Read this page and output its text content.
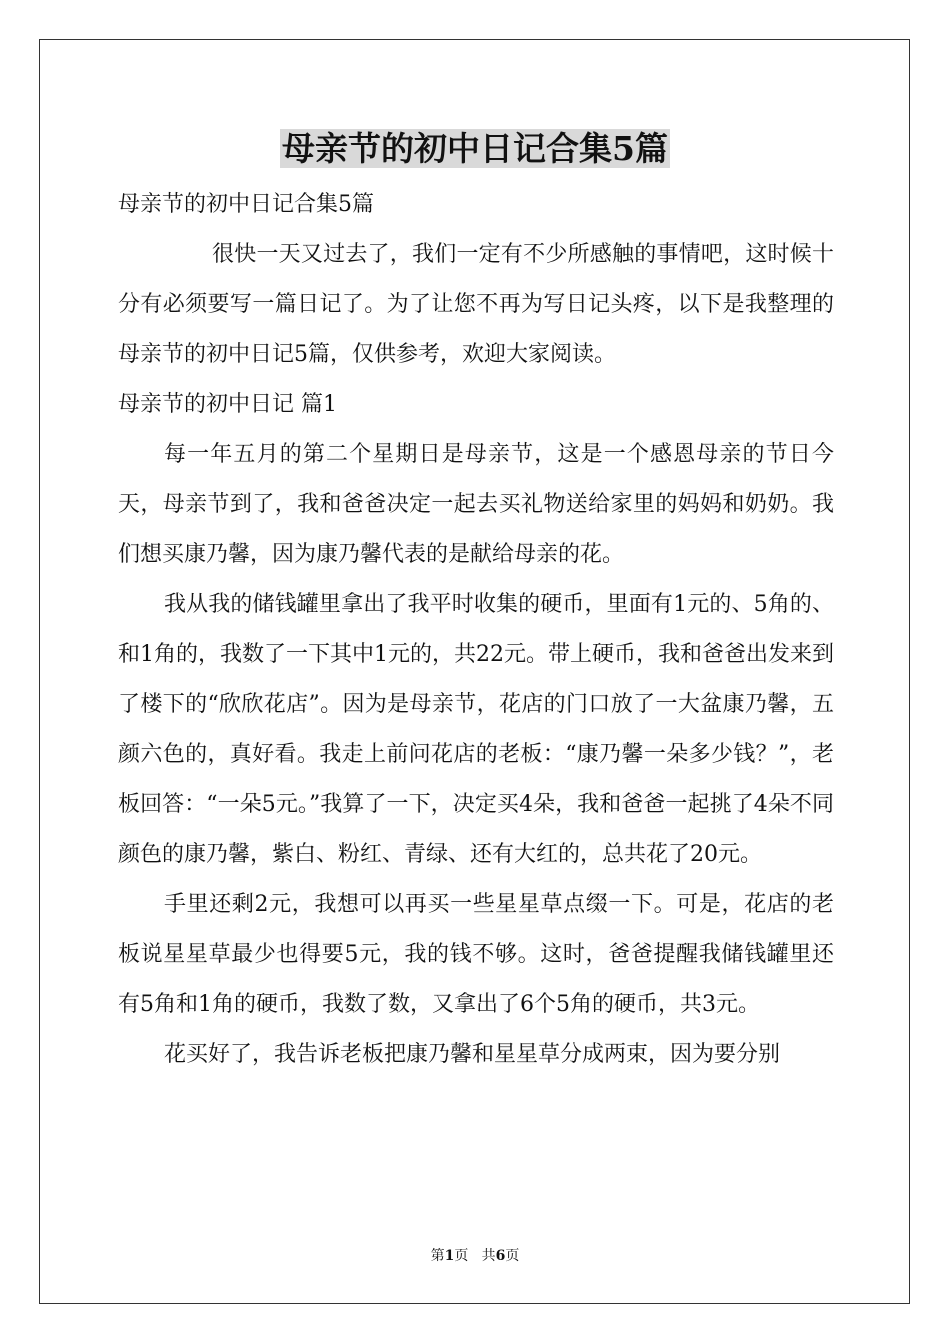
母亲节的初中日记合集5篇

母亲节的初中日记合集5篇

很快一天又过去了，我们一定有不少所感触的事情吧，这时候十分有必须要写一篇日记了。为了让您不再为写日记头疼，以下是我整理的母亲节的初中日记5篇，仅供参考，欢迎大家阅读。

母亲节的初中日记 篇1

每一年五月的第二个星期日是母亲节，这是一个感恩母亲的节日今天，母亲节到了，我和爸爸决定一起去买礼物送给家里的妈妈和奶奶。我们想买康乃馨，因为康乃馨代表的是献给母亲的花。

我从我的储钱罐里拿出了我平时收集的硬币，里面有1元的、5角的、和1角的，我数了一下其中1元的，共22元。带上硬币，我和爸爸出发来到了楼下的“欣欣花店”。因为是母亲节，花店的门口放了一大盆康乃馨，五颜六色的，真好看。我走上前问花店的老板：“康乃馨一朵多少钱？”，老板回答：“一朵5元。”我算了一下，决定买4朵，我和爸爸一起挑了4朵不同颜色的康乃馨，紫白、粉红、青绿、还有大红的，总共花了20元。

手里还剩2元，我想可以再买一些星星草点缀一下。可是，花店的老板说星星草最少也得要5元，我的钱不够。这时，爸爸提醒我储钱罐里还有5角和1角的硬币，我数了数，又拿出了6个5角的硬币，共3元。

花买好了，我告诉老板把康乃馨和星星草分成两束，因为要分别

第1页 共6页
